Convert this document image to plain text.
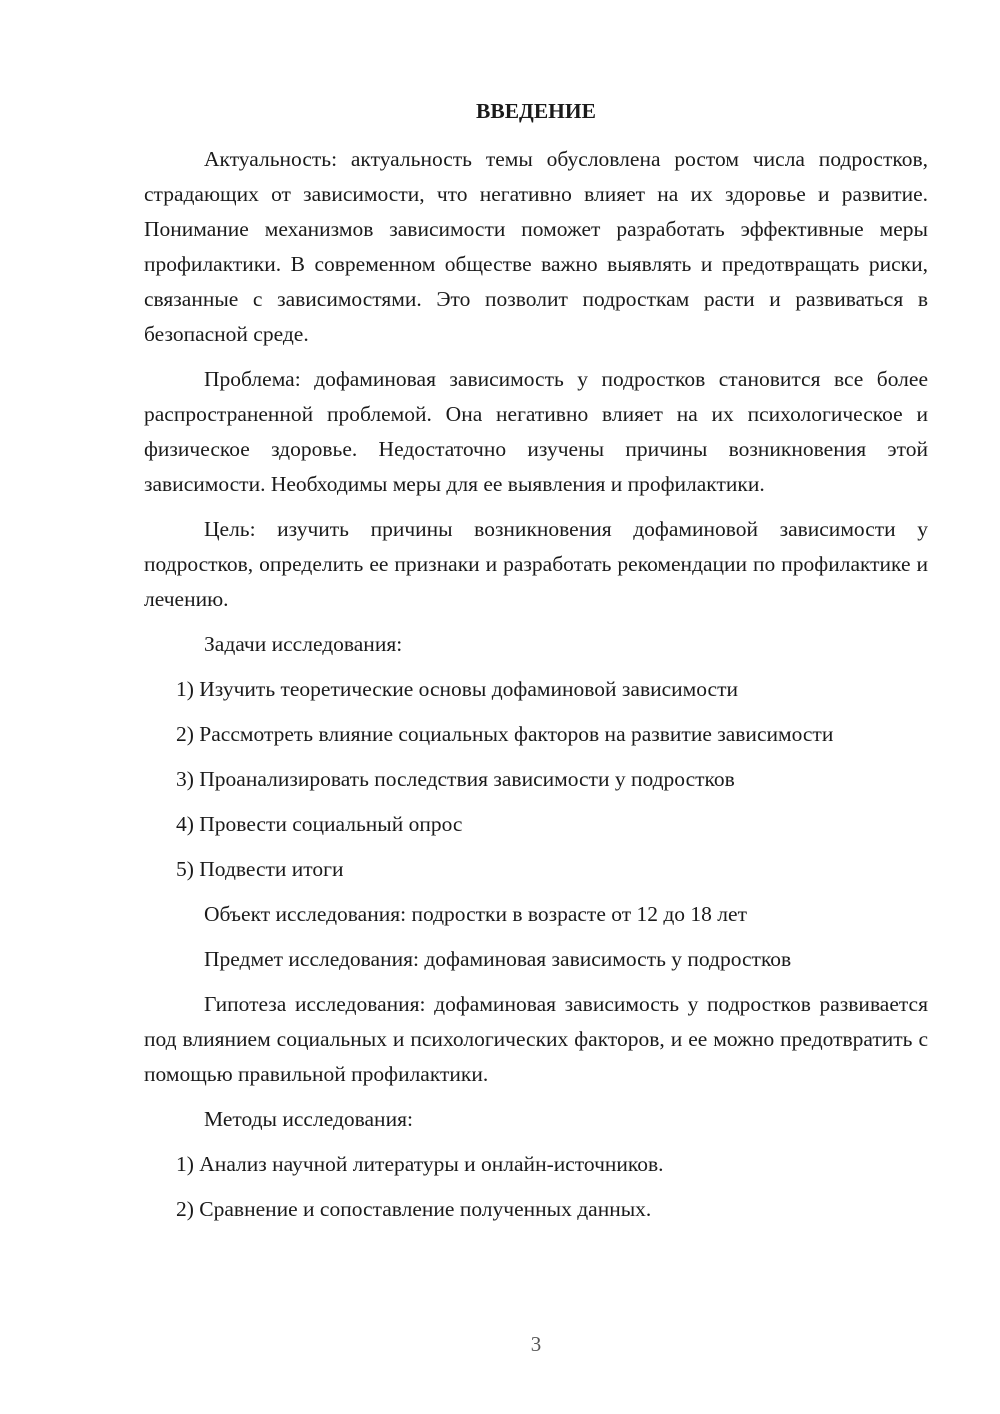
ВВЕДЕНИЕ

Актуальность: актуальность темы обусловлена ростом числа подростков, страдающих от зависимости, что негативно влияет на их здоровье и развитие. Понимание механизмов зависимости поможет разработать эффективные меры профилактики. В современном обществе важно выявлять и предотвращать риски, связанные с зависимостями. Это позволит подросткам расти и развиваться в безопасной среде.

Проблема: дофаминовая зависимость у подростков становится все более распространенной проблемой. Она негативно влияет на их психологическое и физическое здоровье. Недостаточно изучены причины возникновения этой зависимости. Необходимы меры для ее выявления и профилактики.

Цель: изучить причины возникновения дофаминовой зависимости у подростков, определить ее признаки и разработать рекомендации по профилактике и лечению.

Задачи исследования:

1) Изучить теоретические основы дофаминовой зависимости

2) Рассмотреть влияние социальных факторов на развитие зависимости

3) Проанализировать последствия зависимости у подростков

4) Провести социальный опрос

5) Подвести итоги

Объект исследования: подростки в возрасте от 12 до 18 лет

Предмет исследования: дофаминовая зависимость у подростков

Гипотеза исследования: дофаминовая зависимость у подростков развивается под влиянием социальных и психологических факторов, и ее можно предотвратить с помощью правильной профилактики.

Методы исследования:

1) Анализ научной литературы и онлайн-источников.

2) Сравнение и сопоставление полученных данных.

3
